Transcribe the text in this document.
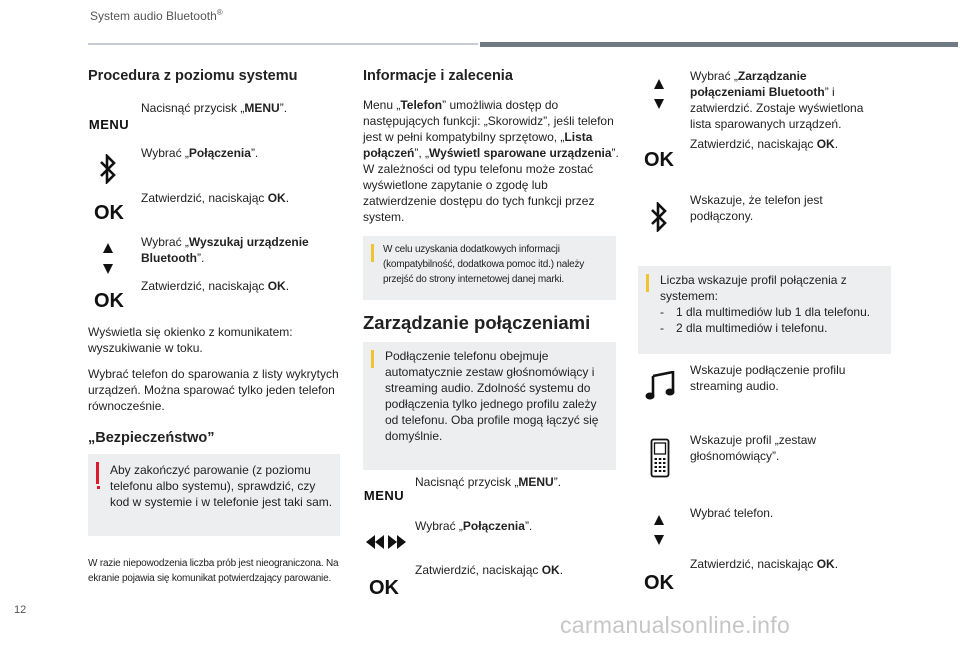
System audio Bluetooth®
Procedura z poziomu systemu
MENU
Nacisnąć przycisk „MENU”.
Wybrać „Połączenia”.
OK
Zatwierdzić, naciskając OK.
Wybrać „Wyszukaj urządzenie Bluetooth”.
OK
Zatwierdzić, naciskając OK.
Wyświetla się okienko z komunikatem: wyszukiwanie w toku.
Wybrać telefon do sparowania z listy wykrytych urządzeń. Można sparować tylko jeden telefon równocześnie.
„Bezpieczeństwo”
Aby zakończyć parowanie (z poziomu telefonu albo systemu), sprawdzić, czy kod w systemie i w telefonie jest taki sam.
W razie niepowodzenia liczba prób jest nieograniczona. Na ekranie pojawia się komunikat potwierdzający parowanie.
Informacje i zalecenia
Menu „Telefon” umożliwia dostęp do następujących funkcji: „Skorowidz”, jeśli telefon jest w pełni kompatybilny sprzętowo, „Lista połączeń”, „Wyświetl sparowane urządzenia”. W zależności od typu telefonu może zostać wyświetlone zapytanie o zgodę lub zatwierdzenie dostępu do tych funkcji przez system.
W celu uzyskania dodatkowych informacji (kompatybilność, dodatkowa pomoc itd.) należy przejść do strony internetowej danej marki.
Zarządzanie połączeniami
Podłączenie telefonu obejmuje automatycznie zestaw głośnomówiący i streaming audio. Zdolność systemu do podłączenia tylko jednego profilu zależy od telefonu. Oba profile mogą łączyć się domyślnie.
MENU
Nacisnąć przycisk „MENU”.
Wybrać „Połączenia”.
OK
Zatwierdzić, naciskając OK.
Wybrać „Zarządzanie połączeniami Bluetooth” i zatwierdzić. Zostaje wyświetlona lista sparowanych urządzeń.
OK
Zatwierdzić, naciskając OK.
Wskazuje, że telefon jest podłączony.
Liczba wskazuje profil połączenia z systemem:
- 1 dla multimediów lub 1 dla telefonu.
- 2 dla multimediów i telefonu.
Wskazuje podłączenie profilu streaming audio.
Wskazuje profil „zestaw głośnomówiący”.
Wybrać telefon.
OK
Zatwierdzić, naciskając OK.
12
carmanualsonline.info
